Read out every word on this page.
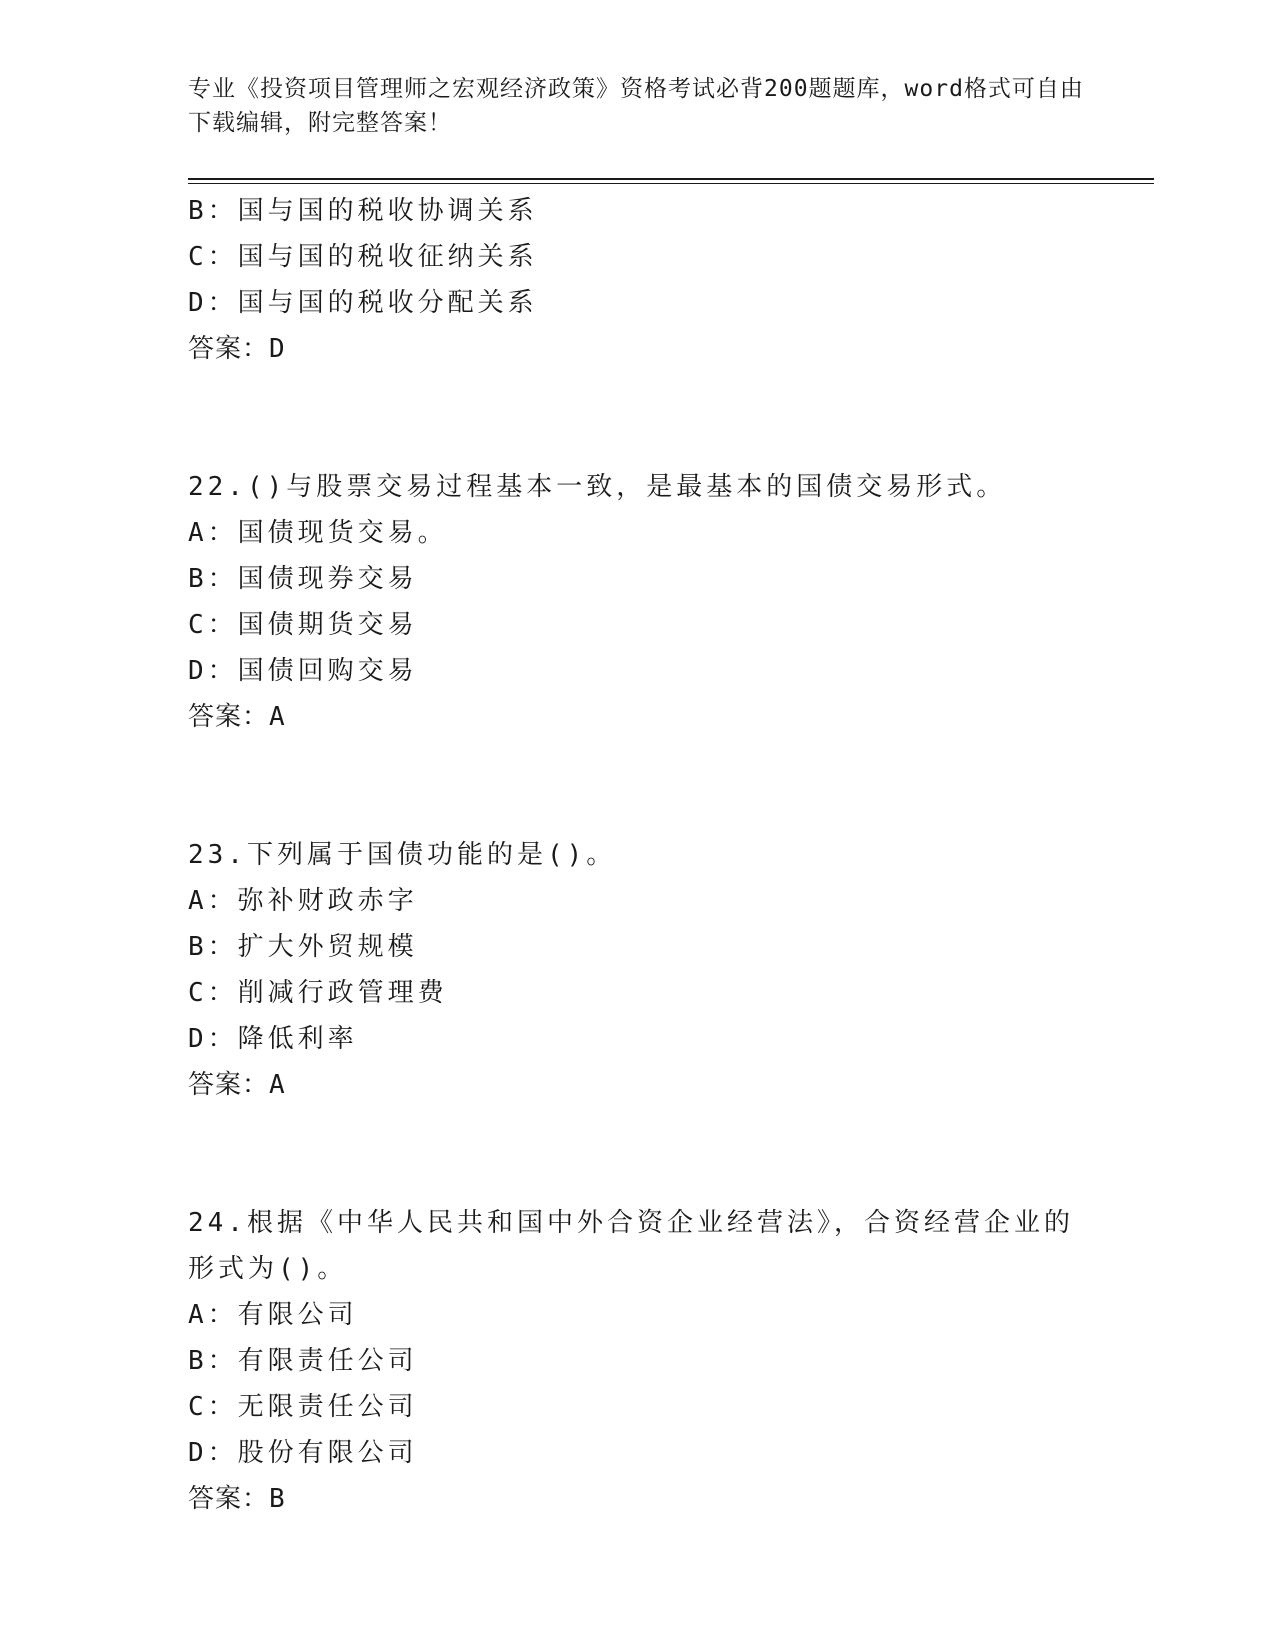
专业《投资项目管理师之宏观经济政策》资格考试必背200题题库，word格式可自由下载编辑，附完整答案！
B：国与国的税收协调关系
C：国与国的税收征纳关系
D：国与国的税收分配关系
答案：D
22.()与股票交易过程基本一致，是最基本的国债交易形式。
A：国债现货交易。
B：国债现券交易
C：国债期货交易
D：国债回购交易
答案：A
23.下列属于国债功能的是()。
A：弥补财政赤字
B：扩大外贸规模
C：削减行政管理费
D：降低利率
答案：A
24.根据《中华人民共和国中外合资企业经营法》，合资经营企业的形式为()。
A：有限公司
B：有限责任公司
C：无限责任公司
D：股份有限公司
答案：B
